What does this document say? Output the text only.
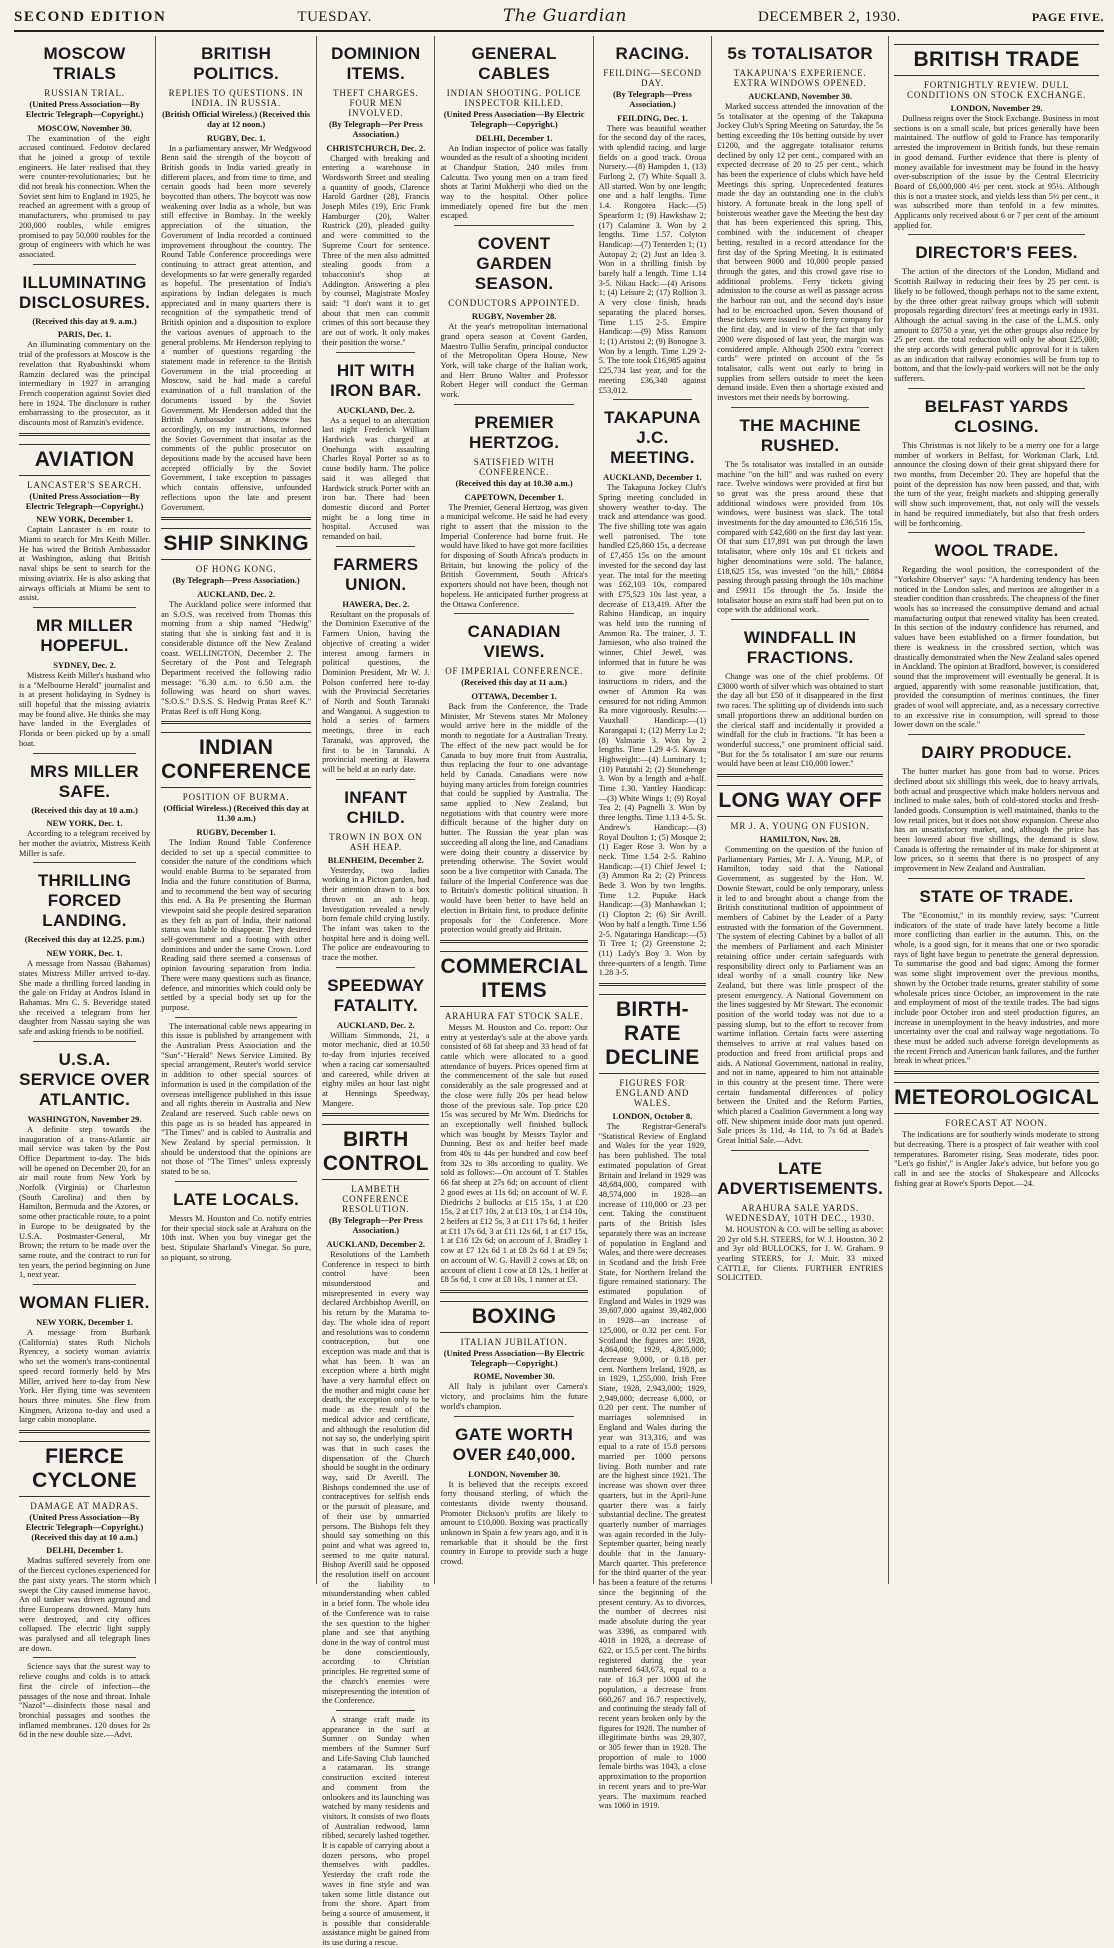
SECOND EDITION	TUESDAY.	The Guardian	DECEMBER 2, 1930.	PAGE FIVE.
MOSCOW TRIALS
RUSSIAN TRIAL.
(United Press Association—By Electric Telegraph—Copyright.)
MOSCOW, November 30.

The examination of the eight accused continued. Fedotov declared that he joined a group of textile engineers. He later realised that they were counter-revolutionaries; but he did not break his connection. When the Soviet sent him to England in 1925, he reached an agreement with a group of manufacturers, who promised to pay 200,000 roubles, while emigres promised to pay 50,000 roubles for the group of engineers with which he was associated.

ILLUMINATING DISCLOSURES.
(Received this day at 9. a.m.)
PARIS, Dec. 1.

An illuminating commentary on the trial of the professors at Moscow is the revelation that Ryabushinski whom Ramzin declared was the principal intermediary in 1927 in arranging French cooperation against Soviet died here in 1924. The disclosure is rather embarrassing to the prosecutor, as it discounts most of Ramzin's evidence.

AVIATION
LANCASTER'S SEARCH.
(United Press Association—By Electric Telegraph—Copyright.)
NEW YORK, December 1.

Captain Lancaster is en route to Miami to search for Mrs Keith Miller. He has wired the British Ambassador at Washington, asking that British naval ships be sent to search for the missing aviatrix. He is also asking that airways officials at Miami be sent to assist.

MR MILLER HOPEFUL.
SYDNEY, Dec. 2.

Mistress Keith Miller's husband who is a "Melbourne Herald" journalist and is at present holidaying in Sydney is still hopeful that the missing aviatrix may be found alive. He thinks she may have landed in the Everglades of Florida or been picked up by a small boat.

MRS MILLER SAFE.
(Received this day at 10 a.m.)
NEW YORK, Dec. 1.

According to a telegram received by her mother the aviatrix, Mistress Keith Miller is safe.

THRILLING FORCED LANDING.
(Received this day at 12.25. p.m.)
NEW YORK, Dec. 1.

A message from Nassau (Bahamas) states Mistress Miller arrived to-day. She made a thrilling forced landing in the gale on Friday at Andros Island in Bahamas. Mrs C. S. Beveridge stated she received a telegram from her daughter from Nassau saying she was safe and asking friends to be notified.

U.S.A. SERVICE OVER ATLANTIC.
WASHINGTON, November 29.

A definite step towards the inauguration of a trans-Atlantic air mail service was taken by the Post Office Department to-day. The bids will be opened on December 20, for an air mail route from New York by Norfolk (Virginia) or Charleston (South Carolina) and then by Hamilton, Bermuda and the Azores, or some other practicable route, to a point in Europe to be designated by the U.S.A. Postmaster-General, Mr Brown; the return to be made over the same route, and the contract to run for ten years, the period beginning on June 1, next year.

WOMAN FLIER.
NEW YORK, December 1.

A message from Burbank (California) states Ruth Nichols Ryencey, a society woman aviatrix who set the women's trans-continental speed record formerly held by Mrs Miller, arrived here to-day from New York. Her flying time was seventeen hours three minutes. She flew from Kingmen, Arizona to-day and used a large cabin monoplane.

FIERCE CYCLONE
DAMAGE AT MADRAS.
(United Press Association—By Electric Telegraph—Copyright.) (Received this day at 10 a.m.)
DELHI, December 1.

Madras suffered severely from one of the fiercest cyclones experienced for the past sixty years. The storm which swept the City caused immense havoc. An oil tanker was driven aground and three Europeans drowned. Many huts were destroyed, and city offices collapsed. The electric light supply was paralysed and all telegraph lines are down.

Science says that the surest way to relieve coughs and colds is to attack first the circle of infection—the passages of the nose and throat. Inhale "Nazol"—disinfects those nasal and bronchial passages and soothes the inflamed membranes. 120 doses for 2s 6d in the new double size.—Advt.

BRITISH POLITICS.
REPLIES TO QUESTIONS. IN INDIA. IN RUSSIA.
(British Official Wireless.) (Received this day at 12 noon.)
RUGBY, Dec. 1.

In a parliamentary answer, Mr Wedgwood Benn said the strength of the boycott of British goods in India varied greatly in different places, and from time to time, and certain goods had been more severely boycotted than others. The boycott was now weakening over India as a whole, but was still effective in Bombay. In the weekly appreciation of the situation, the Government of India recorded a continued improvement throughout the country. The Round Table Conference proceedings were continuing to attract great attention, and developments so far were generally regarded as hopeful. The presentation of India's aspirations by Indian delegates is much appreciated and in many quarters there is recognition of the sympathetic trend of British opinion and a disposition to explore the various avenues of approach to the general problems. Mr Henderson replying to a number of questions regarding the statement made in reference to the British Government in the trial proceeding at Moscow, said he had made a careful examination of a full translation of the documents issued by the Soviet Government. Mr Henderson added that the British Ambassador at Moscow has accordingly, on my instructions, informed the Soviet Government that insofar as the comments of the public prosecutor on depositions made by the accused have been accepted officially by the Soviet Government, I take exception to passages which contain offensive, unfounded reflections upon the late and present Government.

SHIP SINKING
OF HONG KONG.
(By Telegraph—Press Association.)
AUCKLAND, Dec. 2.

The Auckland police were informed that an S.O.S. was received from Thomas this morning from a ship named "Hedwig" stating that she is sinking fast and it is considerable distance off the New Zealand coast. WELLINGTON, December 2. The Secretary of the Post and Telegraph Department received the following radio message: "6.30 a.m. to 6.50 a.m. the following was heard on short waves. "S.O.S." D.S.S. S. Hedwig Pratas Reef K." Pratas Reef is off Hong Kong.

INDIAN CONFERENCE
POSITION OF BURMA.
(Official Wireless.) (Received this day at 11.30 a.m.)
RUGBY, December 1.

The Indian Round Table Conference decided to set up a special committee to consider the nature of the conditions which would enable Burma to be separated from India and the future constitution of Burma, and to recommend the best way of securing this end. A Ba Pe presenting the Burman viewpoint said she people desired separation as they felt as part of India, their national status was liable to disappear. They desired self-government and a footing with other dominions and under the same Crown. Lord Reading said there seemed a consensus of opinion favouring separation from India. There were many questions such as finance, defence, and minorities which could only be settled by a special body set up for the purpose.

The international cable news appearing in this issue is published by arrangement with the Australian Press Association and the "Sun"-"Herald" News Service Limited. By special arrangement, Reuter's world service in addition to other special sources of information is used in the compilation of the overseas intelligence published in this issue and all rights therein in Australia and New Zealand are reserved. Such cable news on this page as is so headed has appeared in "The Times" and is cabled to Australia and New Zealand by special permission. It should be understood that the opinions are not those of "The Times" unless expressly stated to be so.

LATE LOCALS.

Messrs M. Houston and Co. notify entries for their special stock sale at Arahura on the 10th inst. When you buy vinegar get the best. Stipulate Sharland's Vinegar. So pure, so piquant, so strong.

DOMINION ITEMS.
THEFT CHARGES. FOUR MEN INVOLVED.
(By Telegraph—Per Press Association.)
CHRISTCHURCH, Dec. 2.

Charged with breaking and entering a warehouse in Wordsworth Street and stealing a quantity of goods, Clarence Harold Gardner (28), Francis Joseph Miles (19), Eric Frank Hamburger (20), Walter Rustrick (20), pleaded guilty and were committed to the Supreme Court for sentence. Three of the men also admitted stealing goods from a tobacconist's shop at Addington. Answering a plea by counsel, Magistrate Mosley said: "I don't want it to get about that men can commit crimes of this sort because they are out of work. It only makes their position the worse."

HIT WITH IRON BAR.
AUCKLAND, Dec. 2.

As a sequel to an altercation last night Frederick William Hardwick was charged at Onehunga with assaulting Charles Royal Porter so as to cause bodily harm. The police said it was alleged that Hardwick struck Porter with an iron bar. There had been domestic discord and Porter might be a long time in hospital. Accused was remanded on bail.

FARMERS UNION.
HAWERA, Dec. 2.

Resultant on the proposals of the Dominion Executive of the Farmers Union, having the objective of creating a wider interest among farmers in political questions, the Dominion President, Mr W. J. Polson conferred here to-day with the Provincial Secretaries of North and South Taranaki and Wanganui. A suggestion to hold a series of farmers meetings, three in each Taranaki, was approved, the first to be in Taranaki. A provincial meeting at Hawera will be held at an early date.

INFANT CHILD.
TROWN IN BOX ON ASH HEAP.
BLENHEIM, December 2.

Yesterday, two ladies working in a Picton garden, had their attention drawn to a box thrown on an ash heap. Investigation revealed a newly born female child crying lustily. The infant was taken to the hospital here and is doing well. The police are endeavouring to trace the mother.

SPEEDWAY FATALITY.
AUCKLAND, Dec. 2.

William Simmonds, 21, a motor mechanic, died at 10.50 to-day from injuries received when a racing car somersaulted and careered, while driven at eighty miles an hour last night at Hennings Speedway, Mangere.

BIRTH CONTROL
LAMBETH CONFERENCE RESOLUTION.
(By Telegraph—Per Press Association.)
AUCKLAND, December 2.

Resolutions of the Lambeth Conference in respect to birth control have been misunderstood and misrepresented in every way declared Archbishop Averill, on his return by the Marama to-day. The whole idea of report and resolutions was to condemn contraception, but one exception was made and that is what has been. It was an exception where a birth might have a very harmful effect on the mother and might cause her death, the exception only to be made as the result of the medical advice and certificate, and although the resolution did not say so, the underlying spirit was that in such cases the dispensation of the Church should be sought in the ordinary way, said Dr Averill. The Bishops condemned the use of contraceptives for selfish ends or the pursuit of pleasure, and of their use by unmarried persons. The Bishops felt they should say something on this point and what was agreed to, seemed to me quite natural. Bishop Averill said he opposed the resolution itself on account of the liability to misunderstanding when cabled in a brief form. The whole idea of the Conference was to raise the sex question to the higher plane and see that anything done in the way of control must be done conscientiously, according to Christian principles. He regretted some of the church's enemies were misrepresenting the intention of the Conference.

A strange craft made its appearance in the surf at Sumner on Sunday when members of the Sumner Surf and Life-Saving Club launched a catamaran. Its strange construction excited interest and comment from the onlookers and its launching was watched by many residents and visitors. It consists of two floats of Australian redwood, lamn ribbed, securely lashed together. It is capable of carrying about a dozen persons, who propel themselves with paddles. Yesterday the craft rode the waves in fine style and was taken some little distance out from the shore. Apart from being a source of amusement, it is possible that considerable assistance might be gained from its use during a rescue.

GENERAL CABLES
INDIAN SHOOTING. POLICE INSPECTOR KILLED.
(United Press Association—By Electric Telegraph—Copyright.)
DELHI, December 1.

An Indian inspector of police was fatally wounded as the result of a shooting incident at Chandpur Station, 240 miles from Calcutta. Two young men on a tram fired shots at Tarini Mukherji who died on the way to the hospital. Other police immediately opened fire but the men escaped.

COVENT GARDEN SEASON.
CONDUCTORS APPOINTED.
RUGBY, November 28.

At the year's metropolitan international grand opera season at Covent Garden, Maestro Tullio Serafin, principal conductor of the Metropolitan Opera House, New York, will take charge of the Italian work, and Herr Bruno Walter and Professor Robert Heger will conduct the German work.

PREMIER HERTZOG.
SATISFIED WITH CONFERENCE.
(Received this day at 10.30 a.m.)
CAPETOWN, December 1.

The Premier, General Hertzog, was given a municipal welcome. He said he had every right to assert that the mission to the Imperial Conference had borne fruit. He would have liked to have got more facilities for disposing of South Africa's products in Britain, but knowing the policy of the British Government, South Africa's exporters should not have been, though not hopeless. He anticipated further progress at the Ottawa Conference.

CANADIAN VIEWS.
OF IMPERIAL CONFERENCE.
(Received this day at 11 a.m.)
OTTAWA, December 1.

Back from the Conference, the Trade Minister, Mr Stevens states Mr Moloney would arrive here in the middle of the month to negotiate for a Australian Treaty. The effect of the new pact would be for Canada to buy more fruit from Australia, thus replacing the four to one advantage held by Canada. Canadians were now buying many articles from foreign countries that could be supplied by Australia. The same applied to New Zealand, but negotiations with that country were more difficult because of the higher duty on butter. The Russian the year plan was succeeding all along the line, and Canadians were doing their country a disservice by pretending otherwise. The Soviet would soon be a live competitor with Canada. The failure of the Imperial Conference was due to Britain's domestic political situation. It would have been better to have held an election in Britain first, to produce definite proposals for the Conference. More protection would greatly aid Britain.

COMMERCIAL ITEMS
ARAHURA FAT STOCK SALE.

Messrs M. Houston and Co. report: Our entry at yesterday's sale at the above yards consisted of 68 fat sheep and 33 head of fat cattle which were allocated to a good attendance of buyers. Prices opened firm at the commencement of the sale but eased considerably as the sale progressed and at the close were fully 20s per head below those of the previous sale. Top price £20 15s was secured by Mr Wm. Diedrichs for an exceptionally well finished bullock which was bought by Messrs Taylor and Dunning. Best ox and heifer beef made from 40s to 44s per hundred and cow beef from 32s to 38s according to quality. We sold as follows:—On account of T. Stables 66 fat sheep at 27s 6d; on account of client 2 good ewes at 11s 6d; on account of W. F. Diedrichs 2 bullocks at £15 15s, 1 at £20 15s, 2 at £17 10s, 2 at £13 10s, 1 at £14 10s, 2 heifers at £12 5s, 3 at £11 17s 6d, 1 heifer at £11 17s 6d, 3 at £11 12s 6d, 1 at £17 15s, 1 at £16 12s 6d; on account of J. Bradley 1 cow at £7 12s 6d 1 at £8 2s 6d 1 at £9 5s; on account of W. G. Havill 2 cows at £8; on account of client 1 cow at £8 12s, 1 heifer at £8 5s 6d, 1 cow at £8 10s, 1 runner at £3.

BOXING
ITALIAN JUBILATION.
(United Press Association—By Electric Telegraph—Copyright.)
ROME, November 30.

All Italy is jubilant over Carnera's victory, and proclaims him the future world's champion.

GATE WORTH OVER £40,000.
LONDON, November 30.

It is believed that the receipts exceed forty thousand sterling, of which the contestants divide twenty thousand. Promoter Dickson's profits are likely to amount to £10,000. Boxing was practically unknown in Spain a few years ago, and it is remarkable that it should be the first country in Europe to provide such a huge crowd.

RACING.
FEILDING—SECOND DAY.
(By Telegraph—Press Association.)
FEILDING, Dec. 1.

There was beautiful weather for the second day of the races, with splendid racing, and large fields on a good track. Oroua Nursery.—(8) Hampden 1, (13) Furlong 2, (7) White Squall 3. All started. Won by one length; one and a half lengths. Time 1.4. Rongotea Hack:—(5) Spearform 1; (9) Hawkshaw 2; (17) Calamine 3. Won by 2 lengths. Time 1.57. Colyton Handicap:—(7) Tenterden 1; (1) Autopay 2; (2) Just an Idea 3. Won in a thrilling finish by barely half a length. Time 1.14 3-5. Nikau Hack:—(4) Arisons 1; (4) Leisure 2; (17) Rollion 3. A very close finish, heads separating the placed horses. Time 1.15 2-5. Empire Handicap:—(9) Miss Ransom 1; (1) Aristosi 2; (9) Bonogne 3. Won by a length. Time 1.29 2-5. The tote took £16,985 against £25,734 last year, and for the meeting £36,340 against £53,012.

TAKAPUNA J.C. MEETING.
AUCKLAND, December 1.

The Takapuna Jockey Club's Spring meeting concluded in showery weather to-day. The track and attendance was good. The five shilling tote was again well patronised. The tote handled £25,860 15s, a decrease of £7,455 15s on the amount invested for the second day last year. The total for the meeting was £62,103 10s, compared with £75,523 10s last year, a decrease of £13,419. After the Rahino Handicap, an inquiry was held into the running of Ammon Ra. The trainer, J. T. Jamieson, who also trained the winner, Chief Jewel, was informed that in future he was to give more definite instructions to riders, and the owner of Ammon Ra was censured for not riding Ammon Ra more vigorously. Results:— Vauxhall Handicap:—(1) Karangapai 1; (12) Merry Lu 2; (8) Valmarie 3. Won by 2 lengths. Time 1.29 4-5. Kawau Highweight:—(4) Luminary 1; (10) Patutahi 2; (2) Stonehenge 3. Won by a length and a-half. Time 1.30. Yantley Handicap:—(3) White Wings 1; (9) Royal Tea 2; (4) Pagnelli 3. Won by three lengths. Time 1.13 4-5. St. Andrew's Handicap:—(3) Royal Doulton 1; (5) Mosque 2; (1) Eager Rose 3. Won by a neck. Time 1.54 2-5. Rahino Handicap:—(1) Chief Jewel 1; (3) Ammon Ra 2; (2) Princess Bede 3. Won by two lengths. Time 1.2. Pupuke Hack Handicap:—(3) Manhawkan 1; (1) Clopton 2; (6) Sir Avrill. Won by half a length. Time 1.56 2-5. Ngataringa Handicap:—(5) Ti Tree 1; (2) Greenstone 2; (11) Lady's Boy 3. Won by three-quarters of a length. Time 1.28 3-5.

BIRTH-RATE DECLINE
FIGURES FOR ENGLAND AND WALES.
LONDON, October 8.

The Registrar-General's "Statistical Review of England and Wales for the year 1929, has been published. The total estimated population of Great Britain and Ireland in 1929 was 48,684,000, compared with 48,574,000 in 1928—an increase of 110,000 or .23 per cent. Taking the constituent parts of the British Isles separately there was an increase of population in England and Wales, and there were decreases in Scotland and the Irish Free State, for Northern Ireland the figure remained stationary. The estimated population of England and Wales in 1929 was 39,607,000 against 39,482,000 in 1928—an increase of 125,000, or 0.32 per cent. For Scotland the figures are: 1928, 4,864,000; 1929, 4,805,000; decrease 9,000, or 0.18 per cent. Northern Ireland, 1928, as in 1929, 1,255,000. Irish Free State, 1928, 2,943,000; 1929, 2,949,000; decrease 6,000, or 0.20 per cent. The number of marriages solemnised in England and Wales during the year was 313,316, and was equal to a rate of 15.8 persons married per 1000 persons living. Both number and rate are the highest since 1921. The increase was shown over three quarters, but in the April-June quarter there was a fairly substantial decline. The greatest quarterly number of marriages was again recorded in the July-September quarter, being nearly double that in the January-March quarter. This preference for the third quarter of the year has been a feature of the returns since the beginning of the present century. As to divorces, the number of decrees nisi made absolute during the year was 3396, as compared with 4018 in 1928, a decrease of 622, or 15.5 per cent. The births registered during the year numbered 643,673, equal to a rate of 16.3 per 1000 of the population, a decrease from 660,267 and 16.7 respectively, and continuing the steady fall of recent years broken only by the figures for 1928. The number of illegitimate births was 29,307, or 305 fewer than in 1928. The proportion of male to 1000 female births was 1043, a close approximation to the proportion in recent years and to pre-War years. The maximum reached was 1060 in 1919.

5s TOTALISATOR
TAKAPUNA'S EXPERIENCE. EXTRA WINDOWS OPENED.
AUCKLAND, November 30.

Marked success attended the innovation of the 5s totalisator at the opening of the Takapuna Jockey Club's Spring Meeting on Saturday, the 5s betting exceeding the 10s betting outside by over £1200, and the aggregate totalisator returns declined by only 12 per cent., compared with an expected decrease of 20 to 25 per cent., which has been the experience of clubs which have held Meetings this spring. Unprecedented features made the day an outstanding one in the club's history. A fortunate break in the long spell of boisterous weather gave the Meeting the best day that has been experienced this spring. This, combined with the inducement of cheaper betting, resulted in a record attendance for the first day of the Spring Meeting. It is estimated that between 9000 and 10,000 people passed through the gates, and this crowd gave rise to additional problems. Ferry tickets giving admission to the course as well as passage across the harbour ran out, and the second day's issue had to be encroached upon. Seven thousand of these tickets were issued to the ferry company for the first day, and in view of the fact that only 2000 were disposed of last year, the margin was considered ample. Although 2500 extra "correct cards" were printed on account of the 5s totalisator, calls went out early to bring in supplies from sellers outside to meet the keen demand inside. Even then a shortage existed and investors met their needs by borrowing.

THE MACHINE RUSHED.

The 5s totalisator was installed in an outside machine "on the hill" and was rushed on every race. Twelve windows were provided at first but so great was the press around these that additional windows were provided from 10s windows, were business was slack. The total investments for the day amounted to £36,516 15s, compared with £42,600 on the first day last year. Of that sum £17,891 was put through the lawn totalisator, where only 10s and £1 tickets and higher denominations were sold. The balance, £18,625 15s, was invested "on the hill," £8884 passing through passing through the 10s machine and £9911 15s through the 5s. Inside the totalisator house an extra staff had been put on to cope with the additional work.

WINDFALL IN FRACTIONS.

Change was one of the chief problems. Of £3000 worth of silver which was obtained to start the day all but £50 of it disappeared in the first two races. The splitting up of dividends into such small proportions threw an additional burden on the clerical staff and incidentally it provided a windfall for the club in fractions. "It has been a wonderful success," one prominent official said. "But for the 5s totalisator I am sure our returns would have been at least £10,000 lower."

LONG WAY OFF
MR J. A. YOUNG ON FUSION.
HAMILTON, Nov. 28.

Commenting on the question of the fusion of Parliamentary Parties, Mr J. A. Young, M.P., of Hamilton, today said that the National Government, as suggested by the Hon. W. Downie Stewart, could be only temporary, unless it led to and brought about a change from the British constitutional tradition of appointment of members of Cabinet by the Leader of a Party entrusted with the formation of the Government. The system of electing Cabinet by a ballot of all the members of Parliament and each Minister retaining office under certain safeguards with responsibility direct only to Parliament was an ideal worthy of a small country like New Zealand, but there was little prospect of the present emergency. A National Government on the lines suggested by Mr Stewart. The economic position of the world today was not due to a passing slump, but to the effort to recover from wartime inflation. Certain facts were asserting themselves to arrive at real values based on production and freed from artificial props and aids. A National Government, national in reality, and not in name, appeared to him not attainable in this country at the present time. There were certain fundamental differences of policy between the United and the Reform Parties, which placed a Coalition Government a long way off. New shipment inside door mats just opened. Sale prices 3s 11d, 4s 11d, to 7s 6d at Bade's Great Initial Sale.—Advt.

LATE ADVERTISEMENTS.
ARAHURA SALE YARDS. WEDNESDAY, 10TH DEC., 1930.

M. HOUSTON & CO. will be selling as above: 20 2yr old S.H. STEERS, for W. J. Houston. 30 2 and 3yr old BULLOCKS, for J. W. Graham. 9 yearling STEERS, for J. Muir. 33 mixed CATTLE, for Clients. FURTHER ENTRIES SOLICITED.

BRITISH TRADE
FORTNIGHTLY REVIEW. DULL CONDITIONS ON STOCK EXCHANGE.
LONDON, November 29.

Dullness reigns over the Stock Exchange. Business in most sections is on a small scale, but prices generally have been maintained. The outflow of gold to France has temporarily arrested the improvement in British funds, but these remain in good demand. Further evidence that there is plenty of money available for investment may be found in the heavy over-subscription of the issue by the Central Electricity Board of £6,000,000 4½ per cent. stock at 95½. Although this is not a trustee stock, and yields less than 5½ per cent., it was subscribed more than tenfold in a few minutes. Applicants only received about 6 or 7 per cent of the amount applied for.

DIRECTOR'S FEES.

The action of the directors of the London, Midland and Scottish Railway in reducing their fees by 25 per cent. is likely to be followed, though perhaps not to the same extent, by the three other great railway groups which will submit proposals regarding directors' fees at meetings early in 1931. Although the actual saving in the case of the L.M.S. only amount to £8750 a year, yet the other groups also reduce by 25 per cent. the total reduction will only be about £25,000; the step accords with general public approval for it is taken as an indication that railway economies will be from top to bottom, and that the lowly-paid workers will not be the only sufferers.

BELFAST YARDS CLOSING.

This Christmas is not likely to be a merry one for a large number of workers in Belfast, for Workman Clark, Ltd. announce the closing down of their great shipyard there for two months, from December 20. They are hopeful that the point of the depression has now been passed, and that, with the turn of the year, freight markets and shipping generally will show such improvement, that, not only will the vessels in hand be required immediately, but also that fresh orders will be forthcoming.

WOOL TRADE.

Regarding the wool position, the correspondent of the "Yorkshire Observer" says: "A hardening tendency has been noticed in the London sales, and merinos are altogether in a steadier condition than crossbreds. The cheapness of the finer wools has so increased the consumptive demand and actual manufacturing output that renewed vitality has been created. In this section of the industry confidence has returned, and values have been established on a firmer foundation, but there is weakness in the crossbred section, which was drastically demonstrated when the New Zealand sales opened in Auckland. The opinion at Bradford, however, is considered sound that the improvement will eventually be general. It is argued, apparently with some reasonable justification, that, provided the consumption of merinos continues, the finer grades of wool will appreciate, and, as a necessary corrective to an excessive rise in consumption, will spread to those lower down on the scale."

DAIRY PRODUCE.

The butter market has gone from bad to worse. Prices declined about six shillings this week, due to heavy arrivals, both actual and prospective which make holders nervous and inclined to make sales, both of cold-stored stocks and fresh-landed goods. Consumption is well maintained, thanks to the low retail prices, but it does not show expansion. Cheese also has an unsatisfactory market, and, although the price has been lowered about five shillings, the demand is slow. Canada is offering the remainder of its make for shipment at low prices, so it seems that there is no prospect of any improvement in New Zealand and Australian.

STATE OF TRADE.

The "Economist," in its monthly review, says: "Current indicators of the state of trade have lately become a little more conflicting than earlier in the autumn. This, on the whole, is a good sign, for it means that one or two sporadic rays of light have begun to penetrate the general depression. To summarise the good and bad signs: Among the former was some slight improvement over the previous months, shown by the October trade returns, greater stability of some wholesale prices since October, an improvement in the rate and employment of most of the textile trades. The bad signs include poor October iron and steel production figures, an increase in unemployment in the heavy industries, and more uncertainty over the coal and railway wage negotiations. To these must be added such adverse foreign developments as the recent French and American bank failures, and the further break in wheat prices."

METEOROLOGICAL
FORECAST AT NOON.

The indications are for southerly winds moderate to strong but decreasing. There is a prospect of fair weather with cool temperatures. Barometer rising. Seas moderate, tides poor. "Let's go fishin'," is Angler Jake's advice, but before you go call in and see the stocks of Shakespeare and Allcocks fishing gear at Rowe's Sports Depot.—24.
